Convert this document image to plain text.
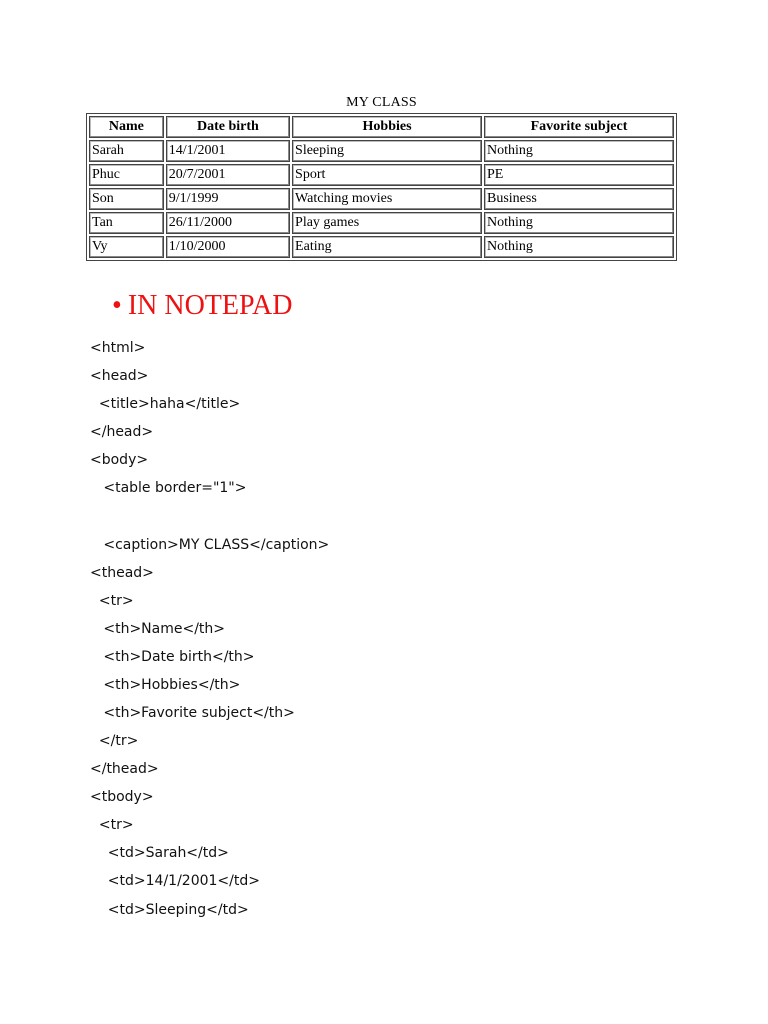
MY CLASS
Name	Date birth	Hobbies	Favorite subject
Sarah	14/1/2001	Sleeping	Nothing
Phuc	20/7/2001	Sport	PE
Son	9/1/1999	Watching movies	Business
Tan	26/11/2000	Play games	Nothing
Vy	1/10/2000	Eating	Nothing
• IN NOTEPAD
<html>
<head>
<title>haha</title>
</head>
<body>
<table border="1">
<caption>MY CLASS</caption>
<thead>
<tr>
<th>Name</th>
<th>Date birth</th>
<th>Hobbies</th>
<th>Favorite subject</th>
</tr>
</thead>
<tbody>
<tr>
<td>Sarah</td>
<td>14/1/2001</td>
<td>Sleeping</td>
